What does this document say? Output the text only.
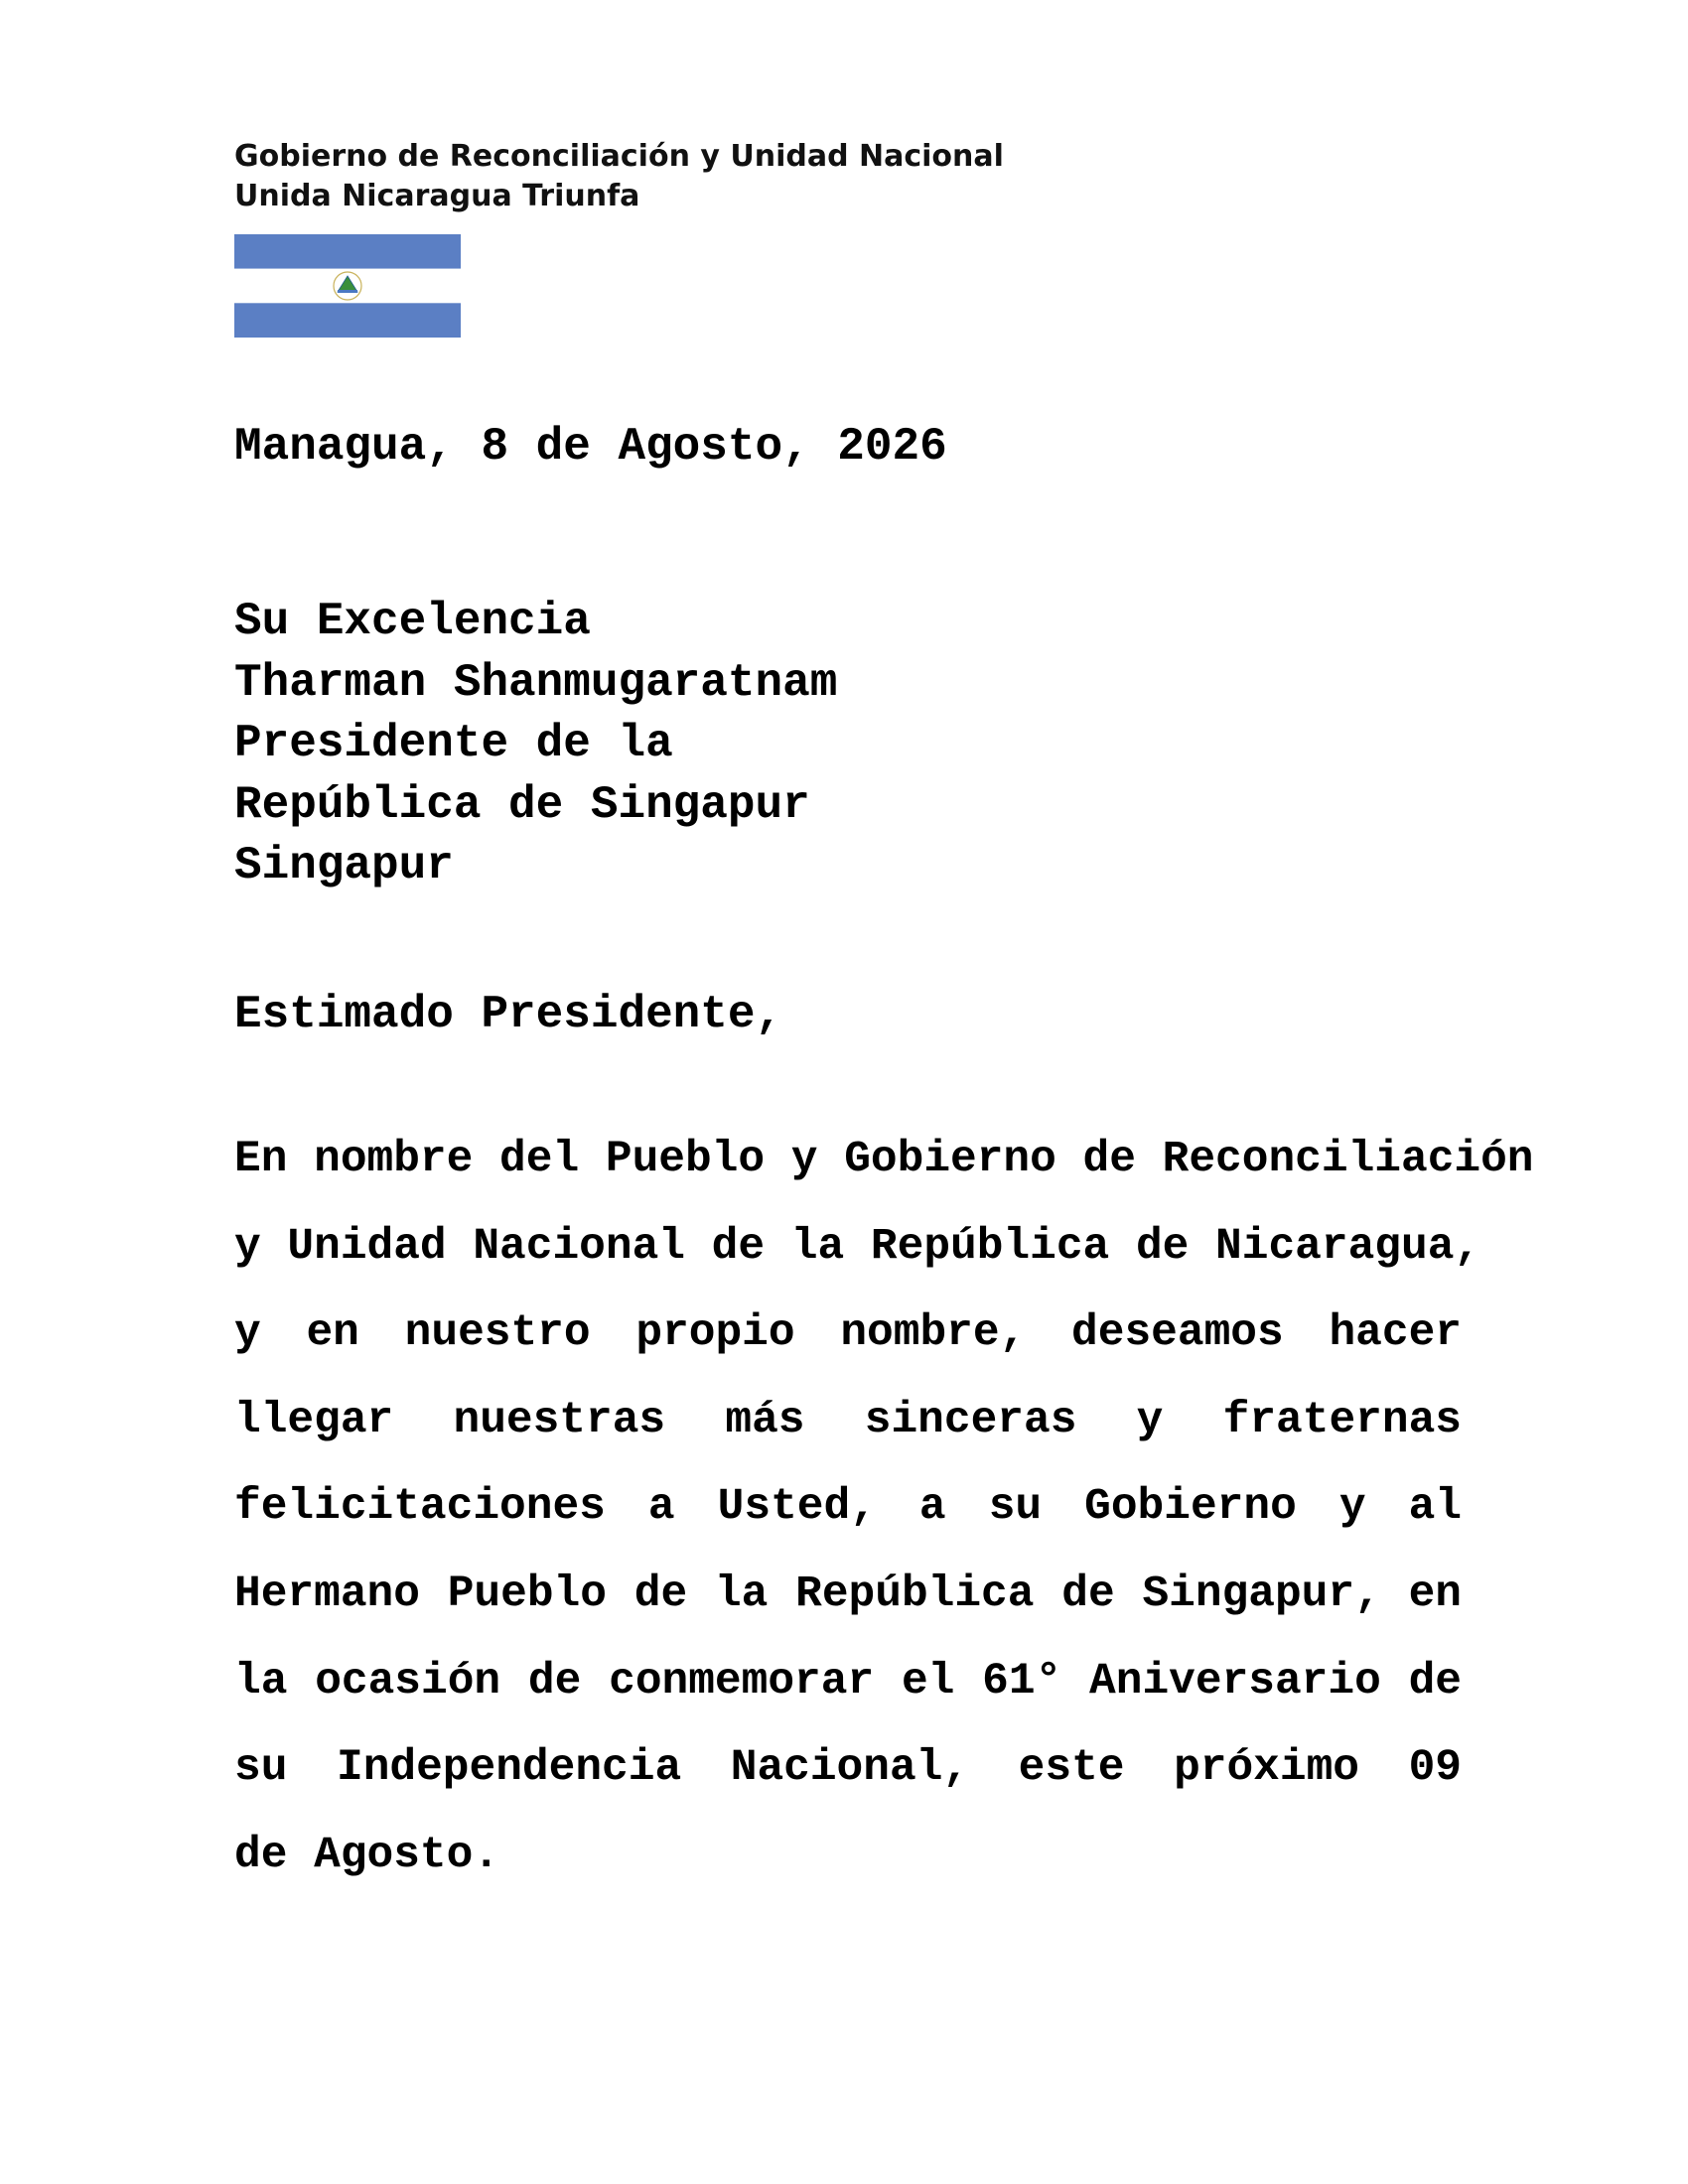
Gobierno de Reconciliación y Unidad Nacional
Unida Nicaragua Triunfa
Managua, 8 de Agosto, 2026
Su Excelencia
Tharman Shanmugaratnam
Presidente de la
República de Singapur
Singapur
Estimado Presidente,
En nombre del Pueblo y Gobierno de Reconciliación
y Unidad Nacional de la República de Nicaragua,
y en nuestro propio nombre, deseamos hacer
llegar nuestras más sinceras y fraternas
felicitaciones a Usted, a su Gobierno y al
Hermano Pueblo de la República de Singapur, en
la ocasión de conmemorar el 61° Aniversario de
su Independencia Nacional, este próximo 09
de Agosto.
